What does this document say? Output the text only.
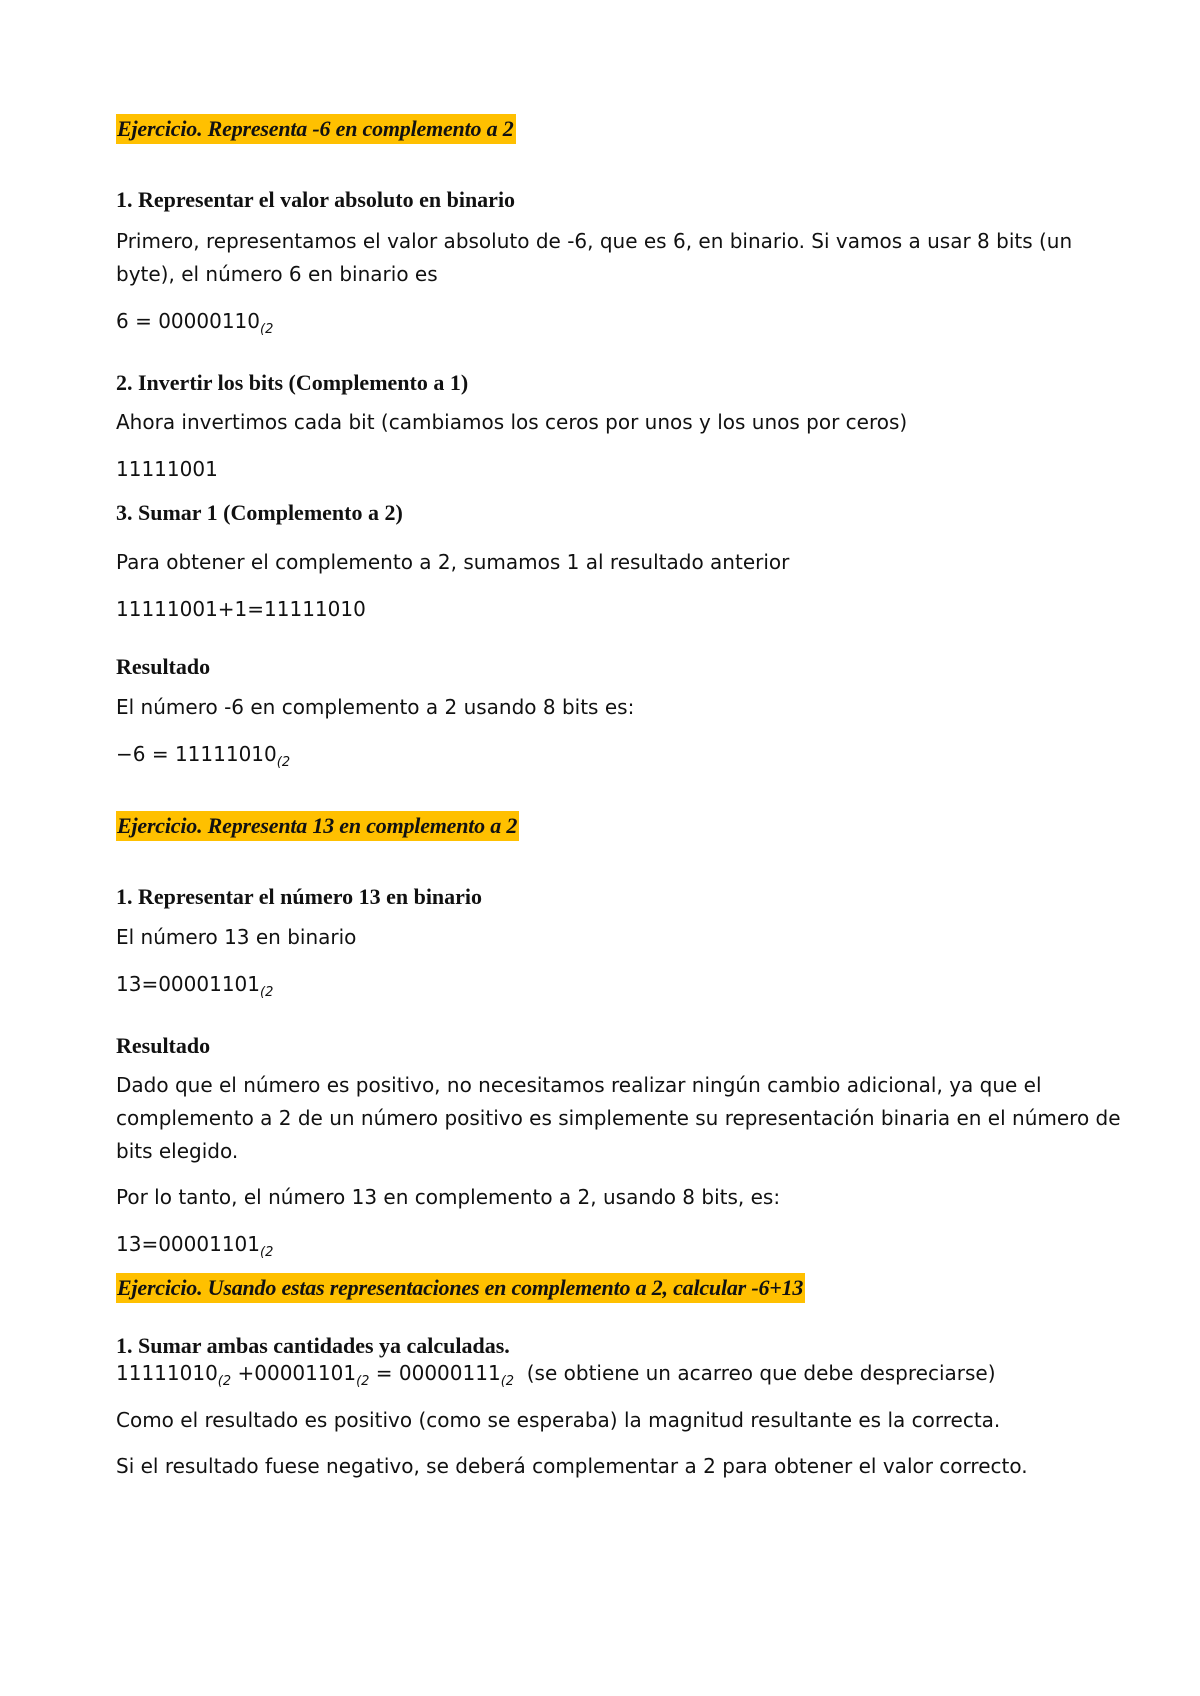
Ejercicio. Representa -6 en complemento a 2
1. Representar el valor absoluto en binario
Primero, representamos el valor absoluto de -6, que es 6, en binario. Si vamos a usar 8 bits (un
byte), el número 6 en binario es
$6 = 00000110_{(2}$
2. Invertir los bits (Complemento a 1)
Ahora invertimos cada bit (cambiamos los ceros por unos y los unos por ceros)
11111001
3. Sumar 1 (Complemento a 2)
Para obtener el complemento a 2, sumamos 1 al resultado anterior
11111001+1=11111010
Resultado
El número -6 en complemento a 2 usando 8 bits es:
$-6 = 11111010_{(2}$
Ejercicio. Representa 13 en complemento a 2
1. Representar el número 13 en binario
El número 13 en binario
$13=00001101_{(2}$
Resultado
Dado que el número es positivo, no necesitamos realizar ningún cambio adicional, ya que el
complemento a 2 de un número positivo es simplemente su representación binaria en el número de
bits elegido.
Por lo tanto, el número 13 en complemento a 2, usando 8 bits, es:
$13=00001101_{(2}$
Ejercicio. Usando estas representaciones en complemento a 2, calcular -6+13
1. Sumar ambas cantidades ya calculadas.
$11111010_{(2} +00001101_{(2} = 00000111_{(2}$  (se obtiene un acarreo que debe despreciarse)
Como el resultado es positivo (como se esperaba) la magnitud resultante es la correcta.
Si el resultado fuese negativo, se deberá complementar a 2 para obtener el valor correcto.
